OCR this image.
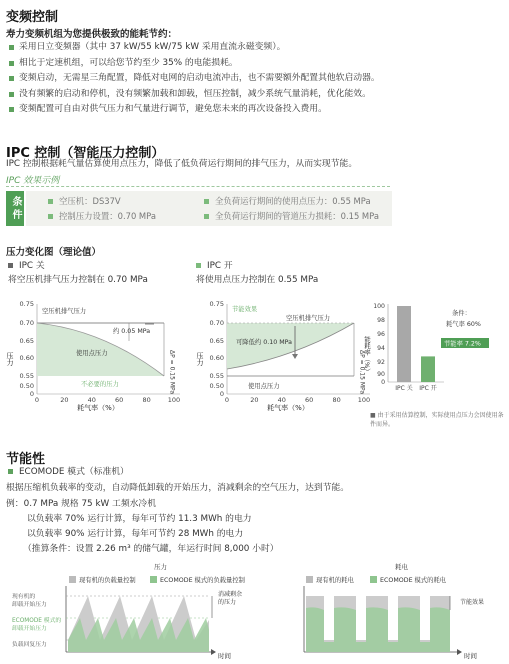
变频控制
寿力变频机组为您提供极致的能耗节约：
采用日立变频器（其中 37 kW/55 kW/75 kW 采用直流永磁变频）。
相比于定速机组，可以给您节约至少 35% 的电能损耗。
变频启动，无需星三角配置，降低对电网的启动电流冲击，也不需要额外配置其他软启动器。
没有频繁的启动和停机，没有频繁加载和卸载，恒压控制，减少系统气量消耗，优化能效。
变频配置可自由对供气压力和气量进行调节，避免您未来的再次设备投入费用。
IPC 控制（智能压力控制）
IPC 控制根据耗气量估算使用点压力，降低了低负荷运行期间的排气压力，从而实现节能。
IPC 效果示例
条件	空压机：DS37V
控制压力设置：0.70 MPa
全负荷运行期间的使用点压力：0.55 MPa
全负荷运行期间的管道压力损耗：0.15 MPa
压力变化图（理论值）
IPC 关
将空压机排气压力控制在 0.70 MPa
IPC 开
将使用点压力控制在 0.55 MPa
0.75
0.70
0.65
0.60
0.55
0.50
0
0	20	40	60	80	100
压力
耗气率（%）
空压机排气压力
约 0.05 MPa
使用点压力
不必要的压力	ΔP = 0.15 MPa
0.75
0.70
0.65
0.60
0.55
0.50
0
0	20	40	60	80	100
压力
耗气率（%）
节能效果
空压机排气压力
可降低约 0.10 MPa
使用点压力	ΔP = 0.15 MPa
100
98
96
94
92
90
0
IPC 关 IPC 开
能耗率（%）
条件：
耗气率 60%
节能率 7.2%
■ 由于采用估算控制，实际使用点压力会因使用条件而异。
节能性
ECOMODE 模式（标准机）
根据压缩机负载率的变动，自动降低卸载的开始压力，消减剩余的空气压力，达到节能。
例：0.7 MPa 规格 75 kW 工频水冷机
以负载率 70% 运行计算，每年可节约 11.3 MWh 的电力
以负载率 90% 运行计算，每年可节约 28 MWh 的电力
（推算条件：设置 2.26 m³ 的储气罐，年运行时间 8,000 小时）
压力
现有机的负载量控制	ECOMODE 模式的负载量控制
现有机的卸载开始压力
ECOMODE 模式的卸载开始压力
负载回复压力
消减剩余的压力
时间
耗电
现有机的耗电	ECOMODE 模式的耗电
节能效果
时间
